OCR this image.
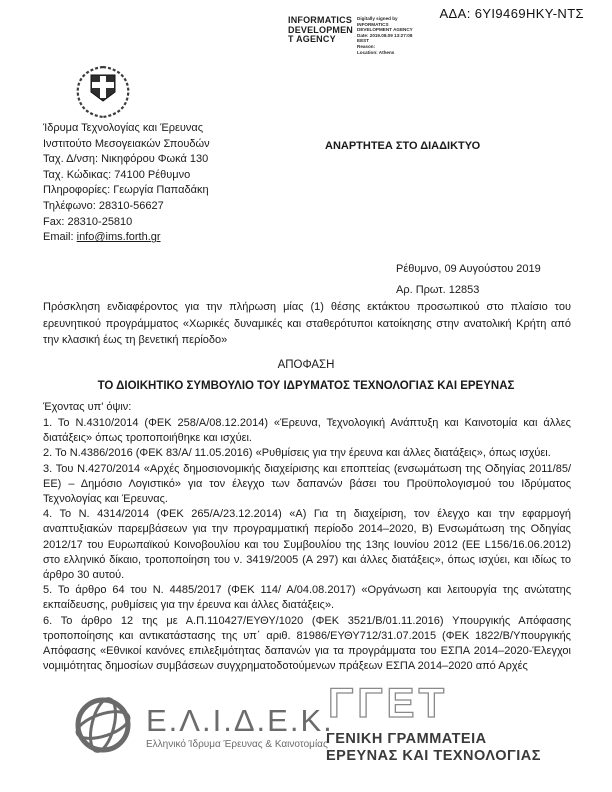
ΑΔΑ: 6ΥΙ9469ΗΚΥ-ΝΤΣ
INFORMATICS
DEVELOPMEN
T AGENCY
Digitally signed by
INFORMATICS
DEVELOPMENT AGENCY
Date: 2019.08.09 13:27:08
EEST
Reason:
Location: Athens
Ίδρυμα Τεχνολογίας και Έρευνας
Ινστιτούτο Μεσογειακών Σπουδών
Ταχ. Δ/νση: Νικηφόρου Φωκά 130
Ταχ. Κώδικας: 74100 Ρέθυμνο
Πληροφορίες: Γεωργία Παπαδάκη
Τηλέφωνο: 28310-56627
Fax: 28310-25810
Email: info@ims.forth.gr
ΑΝΑΡΤΗΤΕΑ ΣΤΟ ΔΙΑΔΙΚΤΥΟ
Ρέθυμνο, 09 Αυγούστου 2019
Αρ. Πρωτ. 12853
Πρόσκληση ενδιαφέροντος για την πλήρωση μίας (1) θέσης εκτάκτου προσωπικού στο πλαίσιο του ερευνητικού προγράμματος «Χωρικές δυναμικές και σταθερότυποι κατοίκησης στην ανατολική Κρήτη από την κλασική έως τη βενετική περίοδο»
ΑΠΟΦΑΣΗ
ΤΟ ΔΙΟΙΚΗΤΙΚΟ ΣΥΜΒΟΥΛΙΟ ΤΟΥ ΙΔΡΥΜΑΤΟΣ ΤΕΧΝΟΛΟΓΙΑΣ ΚΑΙ ΕΡΕΥΝΑΣ
Έχοντας υπ' όψιν:

1. Το Ν.4310/2014 (ΦΕΚ 258/Α/08.12.2014) «Έρευνα, Τεχνολογική Ανάπτυξη και Καινοτομία και άλλες διατάξεις» όπως τροποποιήθηκε και ισχύει.

2. Το Ν.4386/2016 (ΦΕΚ 83/Α/ 11.05.2016) «Ρυθμίσεις για την έρευνα και άλλες διατάξεις», όπως ισχύει.

3. Του Ν.4270/2014 «Αρχές δημοσιονομικής διαχείρισης και εποπτείας (ενσωμάτωση της Οδηγίας 2011/85/ΕΕ) – Δημόσιο Λογιστικό» για τον έλεγχο των δαπανών βάσει του Προϋπολογισμού του Ιδρύματος Τεχνολογίας και Έρευνας.

4. Το Ν. 4314/2014 (ΦΕΚ 265/Α/23.12.2014) «Α) Για τη διαχείριση, τον έλεγχο και την εφαρμογή αναπτυξιακών παρεμβάσεων για την προγραμματική περίοδο 2014–2020, Β) Ενσωμάτωση της Οδηγίας 2012/17 του Ευρωπαϊκού Κοινοβουλίου και του Συμβουλίου της 13ης Ιουνίου 2012 (ΕΕ L156/16.06.2012) στο ελληνικό δίκαιο, τροποποίηση του ν. 3419/2005 (Α 297) και άλλες διατάξεις», όπως ισχύει, και ιδίως το άρθρο 30 αυτού.

5. Το άρθρο 64 του Ν. 4485/2017 (ΦΕΚ 114/ Α/04.08.2017) «Οργάνωση και λειτουργία της ανώτατης εκπαίδευσης, ρυθμίσεις για την έρευνα και άλλες διατάξεις».

6. Το άρθρο 12 της με Α.Π.110427/ΕΥΘΥ/1020 (ΦΕΚ 3521/Β/01.11.2016) Υπουργικής Απόφασης τροποποίησης και αντικατάστασης της υπ΄ αριθ. 81986/ΕΥΘΥ712/31.07.2015 (ΦΕΚ 1822/Β/Υπουργικής Απόφασης «Εθνικοί κανόνες επιλεξιμότητας δαπανών για τα προγράμματα του ΕΣΠΑ 2014–2020-Έλεγχοι νομιμότητας δημοσίων συμβάσεων συγχρηματοδοτούμενων πράξεων ΕΣΠΑ 2014–2020 από Αρχές

Ε.Λ.Ι.Δ.Ε.Κ.
Ελληνικό Ίδρυμα Έρευνας & Καινοτομίας
ΓΓΕΤ
ΓΕΝΙΚΗ ΓΡΑΜΜΑΤΕΙΑ
ΕΡΕΥΝΑΣ ΚΑΙ ΤΕΧΝΟΛΟΓΙΑΣ
